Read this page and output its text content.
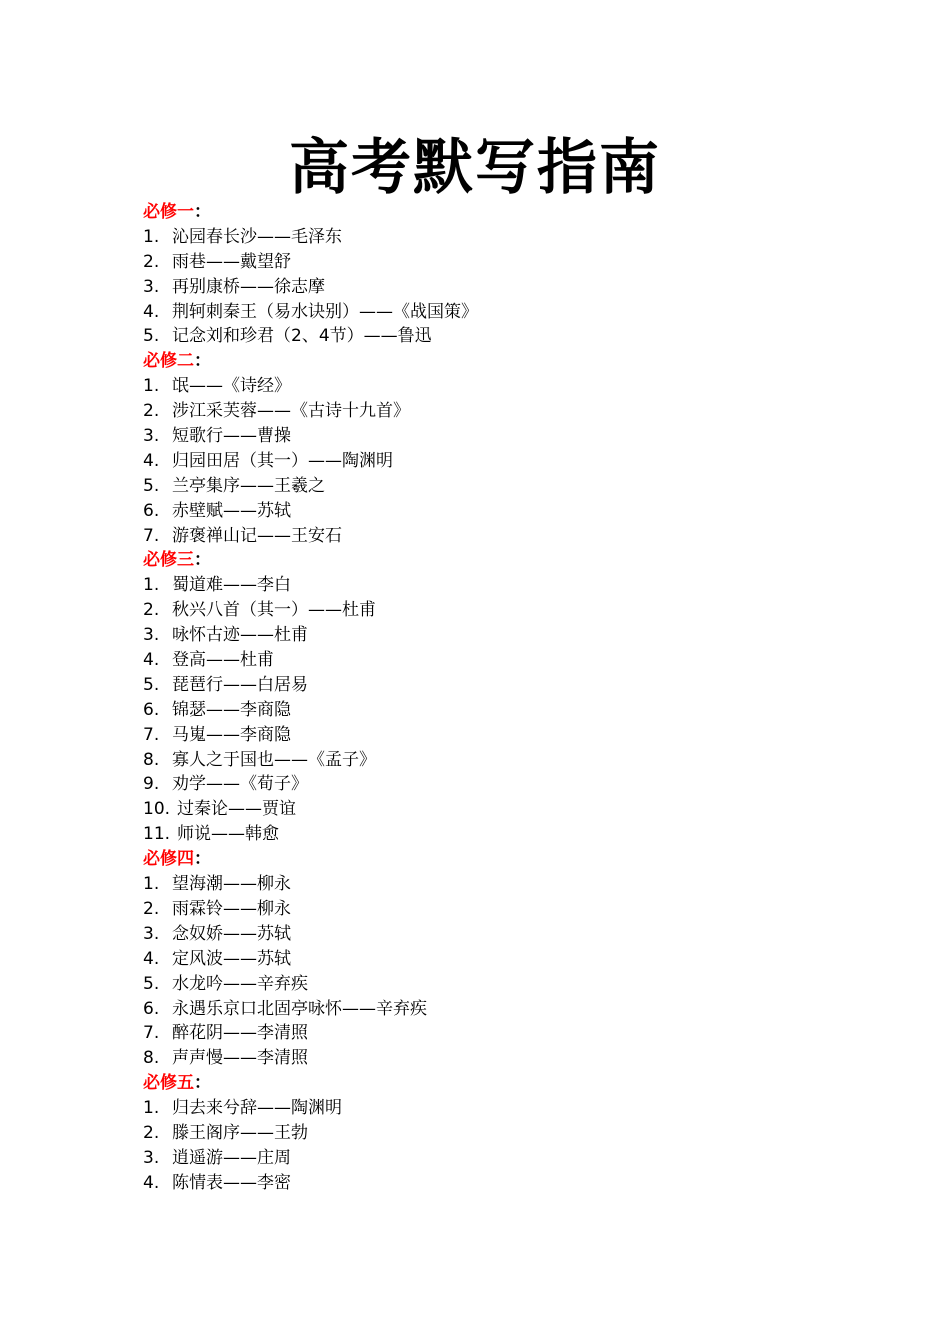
高考默写指南
必修一：
1. 沁园春长沙——毛泽东
2. 雨巷——戴望舒
3. 再别康桥——徐志摩
4. 荆轲刺秦王（易水诀别）——《战国策》
5. 记念刘和珍君（2、4节）——鲁迅
必修二：
1. 氓——《诗经》
2. 涉江采芙蓉——《古诗十九首》
3. 短歌行——曹操
4. 归园田居（其一）——陶渊明
5. 兰亭集序——王羲之
6. 赤壁赋——苏轼
7. 游褒禅山记——王安石
必修三：
1. 蜀道难——李白
2. 秋兴八首（其一）——杜甫
3. 咏怀古迹——杜甫
4. 登高——杜甫
5. 琵琶行——白居易
6. 锦瑟——李商隐
7. 马嵬——李商隐
8. 寡人之于国也——《孟子》
9. 劝学——《荀子》
10. 过秦论——贾谊
11. 师说——韩愈
必修四：
1. 望海潮——柳永
2. 雨霖铃——柳永
3. 念奴娇——苏轼
4. 定风波——苏轼
5. 水龙吟——辛弃疾
6. 永遇乐京口北固亭咏怀——辛弃疾
7. 醉花阴——李清照
8. 声声慢——李清照
必修五：
1. 归去来兮辞——陶渊明
2. 滕王阁序——王勃
3. 逍遥游——庄周
4. 陈情表——李密
